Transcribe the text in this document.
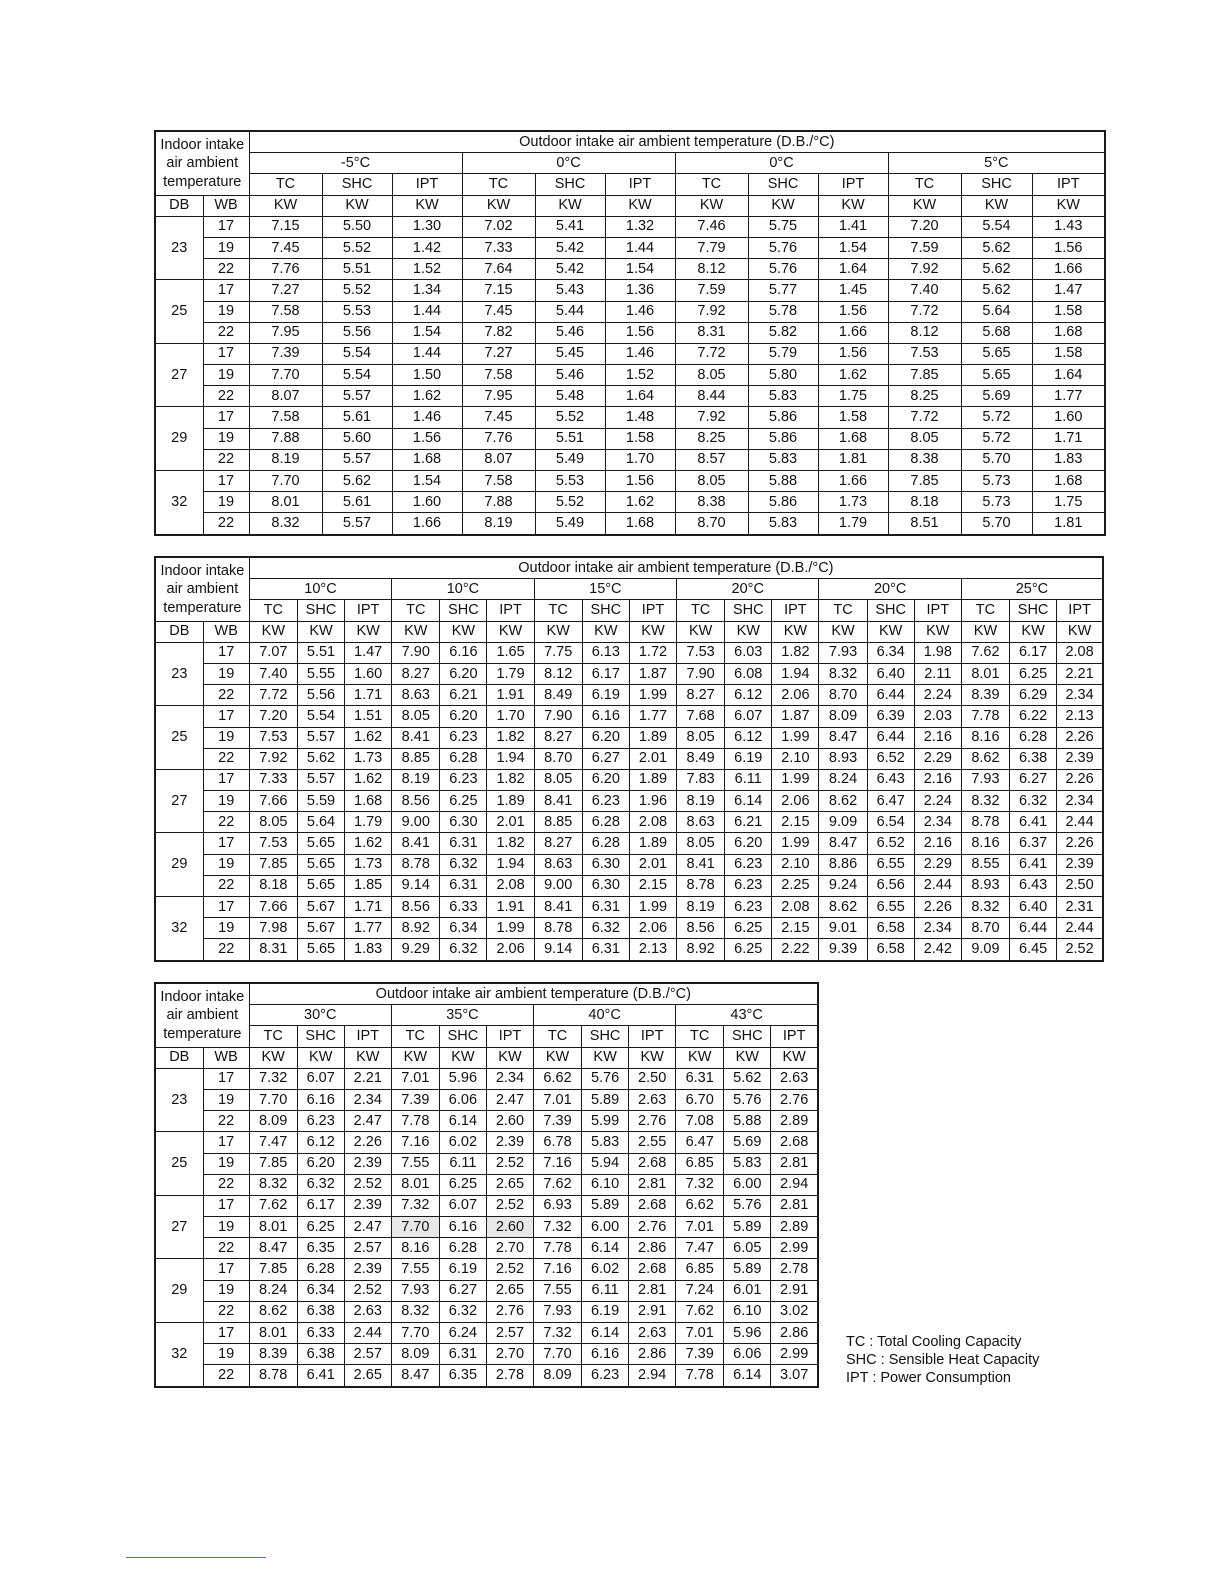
Indoor intake
air ambient
temperature		Outdoor intake air ambient temperature (D.B./°C)											
		-5°C			0°C			0°C			5°C		
		TC	SHC	IPT	TC	SHC	IPT	TC	SHC	IPT	TC	SHC	IPT
DB	WB	KW	KW	KW	KW	KW	KW	KW	KW	KW	KW	KW	KW
23	17	7.15	5.50	1.30	7.02	5.41	1.32	7.46	5.75	1.41	7.20	5.54	1.43
	19	7.45	5.52	1.42	7.33	5.42	1.44	7.79	5.76	1.54	7.59	5.62	1.56
	22	7.76	5.51	1.52	7.64	5.42	1.54	8.12	5.76	1.64	7.92	5.62	1.66
25	17	7.27	5.52	1.34	7.15	5.43	1.36	7.59	5.77	1.45	7.40	5.62	1.47
	19	7.58	5.53	1.44	7.45	5.44	1.46	7.92	5.78	1.56	7.72	5.64	1.58
	22	7.95	5.56	1.54	7.82	5.46	1.56	8.31	5.82	1.66	8.12	5.68	1.68
27	17	7.39	5.54	1.44	7.27	5.45	1.46	7.72	5.79	1.56	7.53	5.65	1.58
	19	7.70	5.54	1.50	7.58	5.46	1.52	8.05	5.80	1.62	7.85	5.65	1.64
	22	8.07	5.57	1.62	7.95	5.48	1.64	8.44	5.83	1.75	8.25	5.69	1.77
29	17	7.58	5.61	1.46	7.45	5.52	1.48	7.92	5.86	1.58	7.72	5.72	1.60
	19	7.88	5.60	1.56	7.76	5.51	1.58	8.25	5.86	1.68	8.05	5.72	1.71
	22	8.19	5.57	1.68	8.07	5.49	1.70	8.57	5.83	1.81	8.38	5.70	1.83
32	17	7.70	5.62	1.54	7.58	5.53	1.56	8.05	5.88	1.66	7.85	5.73	1.68
	19	8.01	5.61	1.60	7.88	5.52	1.62	8.38	5.86	1.73	8.18	5.73	1.75
	22	8.32	5.57	1.66	8.19	5.49	1.68	8.70	5.83	1.79	8.51	5.70	1.81
Indoor intake
air ambient
temperature		Outdoor intake air ambient temperature (D.B./°C)																	
		10°C			10°C			15°C			20°C			20°C			25°C		
		TC	SHC	IPT	TC	SHC	IPT	TC	SHC	IPT	TC	SHC	IPT	TC	SHC	IPT	TC	SHC	IPT
DB	WB	KW	KW	KW	KW	KW	KW	KW	KW	KW	KW	KW	KW	KW	KW	KW	KW	KW	KW
23	17	7.07	5.51	1.47	7.90	6.16	1.65	7.75	6.13	1.72	7.53	6.03	1.82	7.93	6.34	1.98	7.62	6.17	2.08
	19	7.40	5.55	1.60	8.27	6.20	1.79	8.12	6.17	1.87	7.90	6.08	1.94	8.32	6.40	2.11	8.01	6.25	2.21
	22	7.72	5.56	1.71	8.63	6.21	1.91	8.49	6.19	1.99	8.27	6.12	2.06	8.70	6.44	2.24	8.39	6.29	2.34
25	17	7.20	5.54	1.51	8.05	6.20	1.70	7.90	6.16	1.77	7.68	6.07	1.87	8.09	6.39	2.03	7.78	6.22	2.13
	19	7.53	5.57	1.62	8.41	6.23	1.82	8.27	6.20	1.89	8.05	6.12	1.99	8.47	6.44	2.16	8.16	6.28	2.26
	22	7.92	5.62	1.73	8.85	6.28	1.94	8.70	6.27	2.01	8.49	6.19	2.10	8.93	6.52	2.29	8.62	6.38	2.39
27	17	7.33	5.57	1.62	8.19	6.23	1.82	8.05	6.20	1.89	7.83	6.11	1.99	8.24	6.43	2.16	7.93	6.27	2.26
	19	7.66	5.59	1.68	8.56	6.25	1.89	8.41	6.23	1.96	8.19	6.14	2.06	8.62	6.47	2.24	8.32	6.32	2.34
	22	8.05	5.64	1.79	9.00	6.30	2.01	8.85	6.28	2.08	8.63	6.21	2.15	9.09	6.54	2.34	8.78	6.41	2.44
29	17	7.53	5.65	1.62	8.41	6.31	1.82	8.27	6.28	1.89	8.05	6.20	1.99	8.47	6.52	2.16	8.16	6.37	2.26
	19	7.85	5.65	1.73	8.78	6.32	1.94	8.63	6.30	2.01	8.41	6.23	2.10	8.86	6.55	2.29	8.55	6.41	2.39
	22	8.18	5.65	1.85	9.14	6.31	2.08	9.00	6.30	2.15	8.78	6.23	2.25	9.24	6.56	2.44	8.93	6.43	2.50
32	17	7.66	5.67	1.71	8.56	6.33	1.91	8.41	6.31	1.99	8.19	6.23	2.08	8.62	6.55	2.26	8.32	6.40	2.31
	19	7.98	5.67	1.77	8.92	6.34	1.99	8.78	6.32	2.06	8.56	6.25	2.15	9.01	6.58	2.34	8.70	6.44	2.44
	22	8.31	5.65	1.83	9.29	6.32	2.06	9.14	6.31	2.13	8.92	6.25	2.22	9.39	6.58	2.42	9.09	6.45	2.52
Indoor intake
air ambient
temperature		Outdoor intake air ambient temperature (D.B./°C)											
		30°C			35°C			40°C			43°C		
		TC	SHC	IPT	TC	SHC	IPT	TC	SHC	IPT	TC	SHC	IPT
DB	WB	KW	KW	KW	KW	KW	KW	KW	KW	KW	KW	KW	KW
23	17	7.32	6.07	2.21	7.01	5.96	2.34	6.62	5.76	2.50	6.31	5.62	2.63
	19	7.70	6.16	2.34	7.39	6.06	2.47	7.01	5.89	2.63	6.70	5.76	2.76
	22	8.09	6.23	2.47	7.78	6.14	2.60	7.39	5.99	2.76	7.08	5.88	2.89
25	17	7.47	6.12	2.26	7.16	6.02	2.39	6.78	5.83	2.55	6.47	5.69	2.68
	19	7.85	6.20	2.39	7.55	6.11	2.52	7.16	5.94	2.68	6.85	5.83	2.81
	22	8.32	6.32	2.52	8.01	6.25	2.65	7.62	6.10	2.81	7.32	6.00	2.94
27	17	7.62	6.17	2.39	7.32	6.07	2.52	6.93	5.89	2.68	6.62	5.76	2.81
	19	8.01	6.25	2.47	7.70	6.16	2.60	7.32	6.00	2.76	7.01	5.89	2.89
	22	8.47	6.35	2.57	8.16	6.28	2.70	7.78	6.14	2.86	7.47	6.05	2.99
29	17	7.85	6.28	2.39	7.55	6.19	2.52	7.16	6.02	2.68	6.85	5.89	2.78
	19	8.24	6.34	2.52	7.93	6.27	2.65	7.55	6.11	2.81	7.24	6.01	2.91
	22	8.62	6.38	2.63	8.32	6.32	2.76	7.93	6.19	2.91	7.62	6.10	3.02
32	17	8.01	6.33	2.44	7.70	6.24	2.57	7.32	6.14	2.63	7.01	5.96	2.86
	19	8.39	6.38	2.57	8.09	6.31	2.70	7.70	6.16	2.86	7.39	6.06	2.99
	22	8.78	6.41	2.65	8.47	6.35	2.78	8.09	6.23	2.94	7.78	6.14	3.07
TC : Total Cooling Capacity
SHC : Sensible Heat Capacity
IPT : Power Consumption
